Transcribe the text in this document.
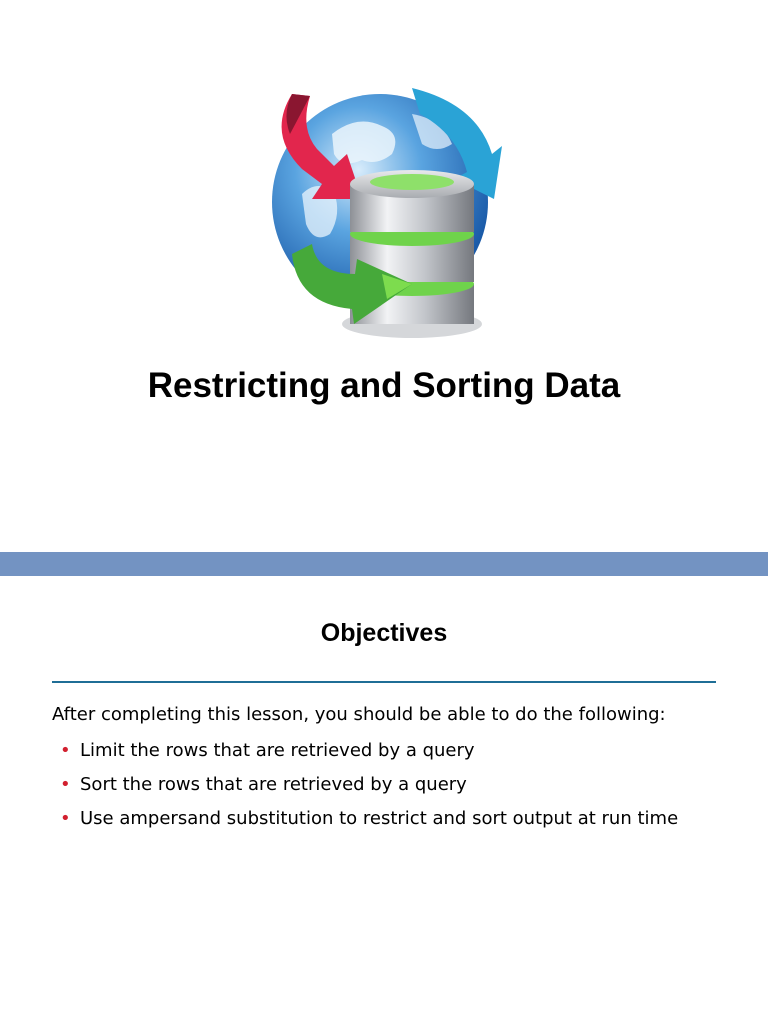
Restricting and Sorting Data
Objectives
After completing this lesson, you should be able to do the following:
• Limit the rows that are retrieved by a query
• Sort the rows that are retrieved by a query
• Use ampersand substitution to restrict and sort output at run time
